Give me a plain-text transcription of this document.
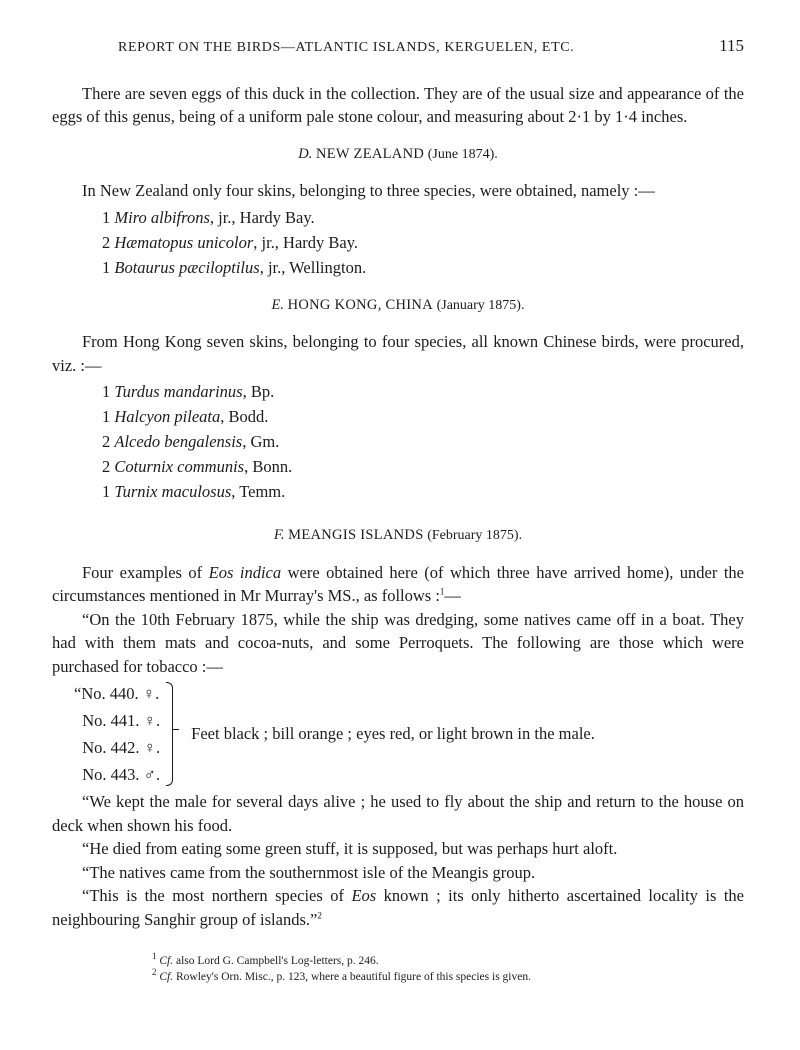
REPORT ON THE BIRDS—ATLANTIC ISLANDS, KERGUELEN, ETC.	115

There are seven eggs of this duck in the collection. They are of the usual size and appearance of the eggs of this genus, being of a uniform pale stone colour, and measuring about 2·1 by 1·4 inches.

D. NEW ZEALAND (June 1874).

In New Zealand only four skins, belonging to three species, were obtained, namely :—

1 Miro albifrons, jr., Hardy Bay.
2 Hæmatopus unicolor, jr., Hardy Bay.
1 Botaurus pæciloptilus, jr., Wellington.
E. HONG KONG, CHINA (January 1875).

From Hong Kong seven skins, belonging to four species, all known Chinese birds, were procured, viz. :—

1 Turdus mandarinus, Bp.
1 Halcyon pileata, Bodd.
2 Alcedo bengalensis, Gm.
2 Coturnix communis, Bonn.
1 Turnix maculosus, Temm.
F. MEANGIS ISLANDS (February 1875).

Four examples of Eos indica were obtained here (of which three have arrived home), under the circumstances mentioned in Mr Murray's MS., as follows :$^1$—

“On the 10th February 1875, while the ship was dredging, some natives came off in a boat. They had with them mats and cocoa-nuts, and some Perroquets. The following are those which were purchased for tobacco :—

“No. 440. ♀.
No. 441. ♀.
No. 442. ♀.
No. 443. ♂.
Feet black ; bill orange ; eyes red, or light brown in the male.

“We kept the male for several days alive ; he used to fly about the ship and return to the house on deck when shown his food.

“He died from eating some green stuff, it is supposed, but was perhaps hurt aloft.

“The natives came from the southernmost isle of the Meangis group.

“This is the most northern species of Eos known ; its only hitherto ascertained locality is the neighbouring Sanghir group of islands.”$^2$

$^1$ Cf. also Lord G. Campbell's Log-letters, p. 246.
$^2$ Cf. Rowley's Orn. Misc., p. 123, where a beautiful figure of this species is given.
